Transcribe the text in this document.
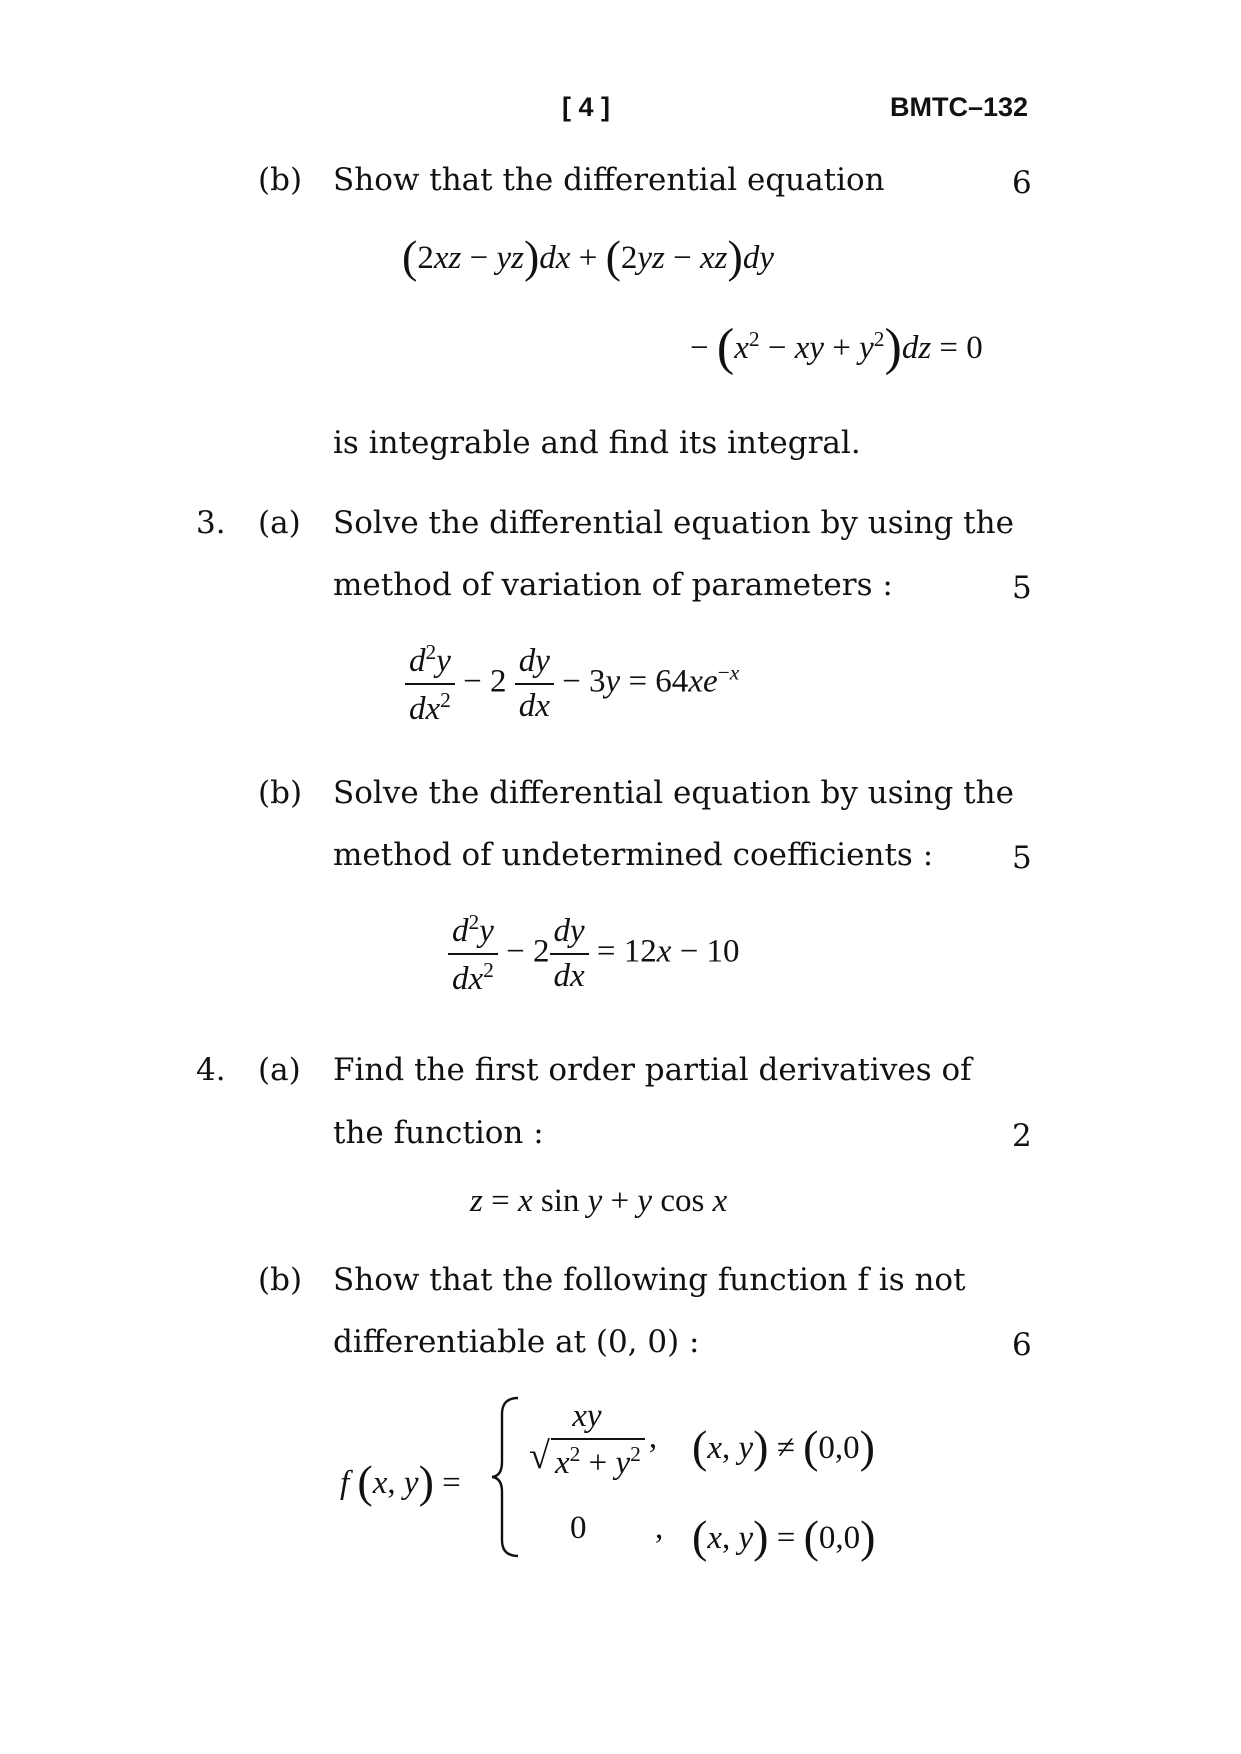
[ 4 ]	BMTC–132
(b) Show that the differential equation	6
(2xz − yz)dx + (2yz − xz)dy
− ($x^2$ − xy + $y^2)dz = 0$
is integrable and find its integral.
3. (a) Solve the differential equation by using the
method of variation of parameters :	5
$\frac{d^2y}{dx^2} - 2 \frac{dy}{dx} - 3y = 64xe^{-x}$
(b) Solve the differential equation by using the
method of undetermined coefficients :	5
$\frac{d^2y}{dx^2} - 2 \frac{dy}{dx} = 12x - 10$
4. (a) Find the first order partial derivatives of
the function :	2
z = x sin y + y cos x
(b) Show that the following function f is not
differentiable at (0, 0) :	6
f (x, y) =
xy
√ $x^2 + y^2$ , (x, y) ≠ (0,0)
0 , (x, y) = (0,0)
